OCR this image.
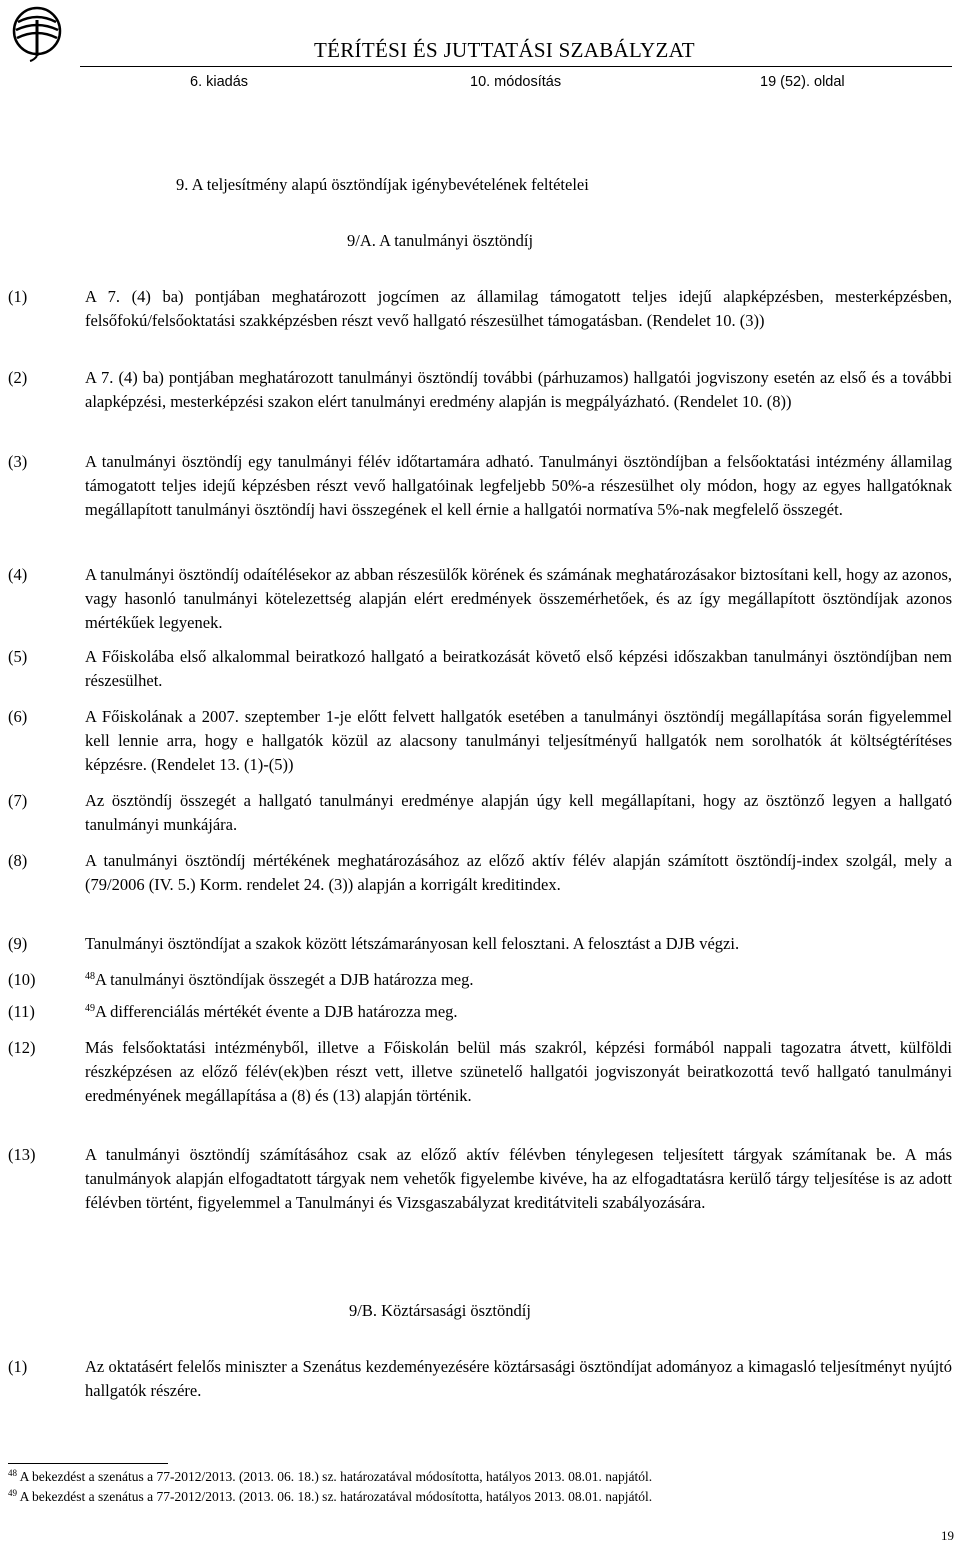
TÉRÍTÉSI ÉS JUTTATÁSI SZABÁLYZAT
6. kiadás	10. módosítás	19 (52). oldal
9. A teljesítmény alapú ösztöndíjak igénybevételének feltételei
9/A. A tanulmányi ösztöndíj
(1)	A 7. (4) ba) pontjában meghatározott jogcímen az államilag támogatott teljes idejű alapképzésben, mesterképzésben, felsőfokú/felsőoktatási szakképzésben részt vevő hallgató részesülhet támogatásban. (Rendelet 10. (3))
(2)	A 7. (4) ba) pontjában meghatározott tanulmányi ösztöndíj további (párhuzamos) hallgatói jogviszony esetén az első és a további alapképzési, mesterképzési szakon elért tanulmányi eredmény alapján is megpályázható. (Rendelet 10. (8))
(3)	A tanulmányi ösztöndíj egy tanulmányi félév időtartamára adható. Tanulmányi ösztöndíjban a felsőoktatási intézmény államilag támogatott teljes idejű képzésben részt vevő hallgatóinak legfeljebb 50%-a részesülhet oly módon, hogy az egyes hallgatóknak megállapított tanulmányi ösztöndíj havi összegének el kell érnie a hallgatói normatíva 5%-nak megfelelő összegét.
(4)	A tanulmányi ösztöndíj odaítélésekor az abban részesülők körének és számának meghatározásakor biztosítani kell, hogy az azonos, vagy hasonló tanulmányi kötelezettség alapján elért eredmények összemérhetőek, és az így megállapított ösztöndíjak azonos mértékűek legyenek.
(5)	A Főiskolába első alkalommal beiratkozó hallgató a beiratkozását követő első képzési időszakban tanulmányi ösztöndíjban nem részesülhet.
(6)	A Főiskolának a 2007. szeptember 1-je előtt felvett hallgatók esetében a tanulmányi ösztöndíj megállapítása során figyelemmel kell lennie arra, hogy e hallgatók közül az alacsony tanulmányi teljesítményű hallgatók nem sorolhatók át költségtérítéses képzésre. (Rendelet 13. (1)-(5))
(7)	Az ösztöndíj összegét a hallgató tanulmányi eredménye alapján úgy kell megállapítani, hogy az ösztönző legyen a hallgató tanulmányi munkájára.
(8)	A tanulmányi ösztöndíj mértékének meghatározásához az előző aktív félév alapján számított ösztöndíj-index szolgál, mely a (79/2006 (IV. 5.) Korm. rendelet 24. (3)) alapján a korrigált kreditindex.
(9)	Tanulmányi ösztöndíjat a szakok között létszámarányosan kell felosztani. A felosztást a DJB végzi.
(10)	$^{48}$A tanulmányi ösztöndíjak összegét a DJB határozza meg.
(11)	$^{49}$A differenciálás mértékét évente a DJB határozza meg.
(12)	Más felsőoktatási intézményből, illetve a Főiskolán belül más szakról, képzési formából nappali tagozatra átvett, külföldi részképzésen az előző félév(ek)ben részt vett, illetve szünetelő hallgatói jogviszonyát beiratkozottá tevő hallgató tanulmányi eredményének megállapítása a (8) és (13) alapján történik.
(13)	A tanulmányi ösztöndíj számításához csak az előző aktív félévben ténylegesen teljesített tárgyak számítanak be. A más tanulmányok alapján elfogadtatott tárgyak nem vehetők figyelembe kivéve, ha az elfogadtatásra kerülő tárgy teljesítése is az adott félévben történt, figyelemmel a Tanulmányi és Vizsgaszabályzat kreditátviteli szabályozására.
9/B. Köztársasági ösztöndíj
(1)	Az oktatásért felelős miniszter a Szenátus kezdeményezésére köztársasági ösztöndíjat adományoz a kimagasló teljesítményt nyújtó hallgatók részére.
$^{48}$ A bekezdést a szenátus a 77-2012/2013. (2013. 06. 18.) sz. határozatával módosította, hatályos 2013. 08.01. napjától.
$^{49}$ A bekezdést a szenátus a 77-2012/2013. (2013. 06. 18.) sz. határozatával módosította, hatályos 2013. 08.01. napjától.
19
